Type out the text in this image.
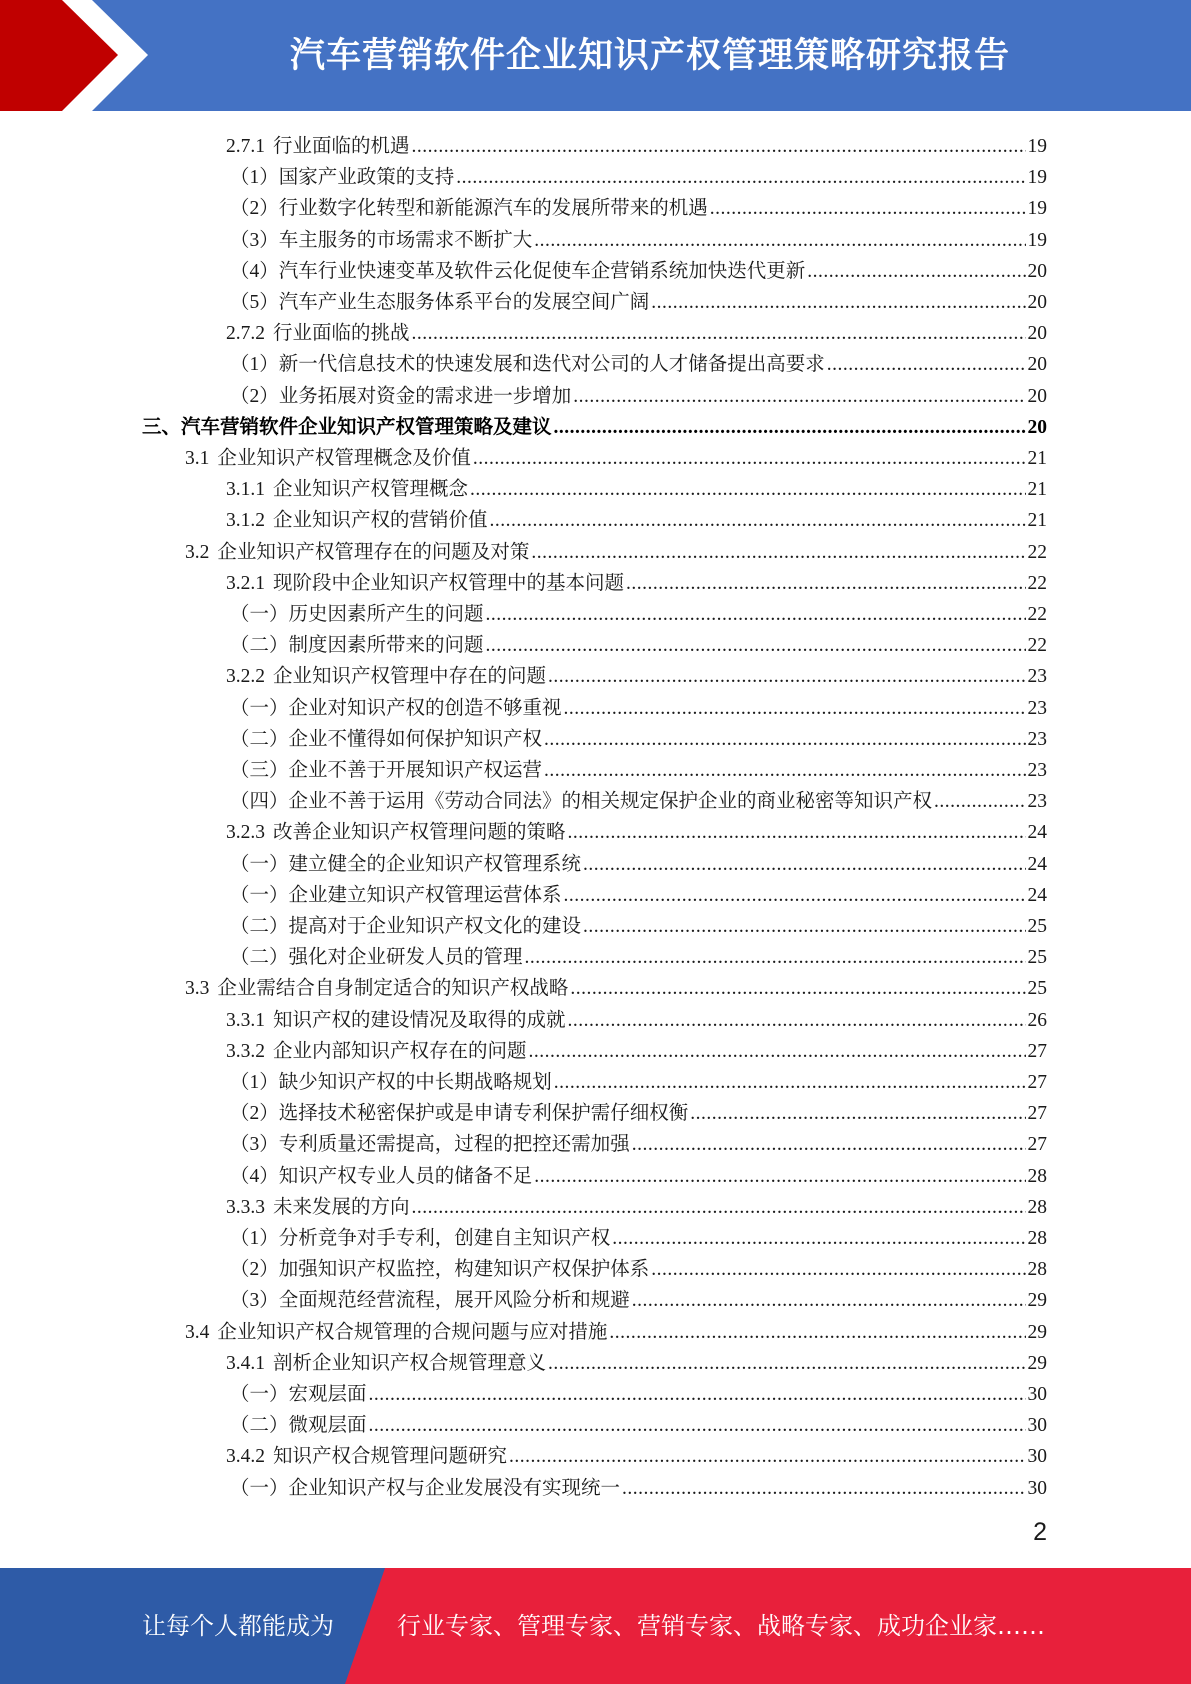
汽车营销软件企业知识产权管理策略研究报告
2.7.1 行业面临的机遇 .....	19
（1） 国家产业政策的支持 .....	19
（2） 行业数字化转型和新能源汽车的发展所带来的机遇 .....	19
（3） 车主服务的市场需求不断扩大 .....	19
（4） 汽车行业快速变革及软件云化促使车企营销系统加快迭代更新 .....	20
（5） 汽车产业生态服务体系平台的发展空间广阔 .....	20
2.7.2 行业面临的挑战 .....	20
（1） 新一代信息技术的快速发展和迭代对公司的人才储备提出高要求 .....	20
（2） 业务拓展对资金的需求进一步增加 .....	20
三、 汽车营销软件企业知识产权管理策略及建议 .....	20
3.1 企业知识产权管理概念及价值 .....	21
3.1.1 企业知识产权管理概念 .....	21
3.1.2 企业知识产权的营销价值 .....	21
3.2 企业知识产权管理存在的问题及对策 .....	22
3.2.1 现阶段中企业知识产权管理中的基本问题 .....	22
（一） 历史因素所产生的问题 .....	22
（二） 制度因素所带来的问题 .....	22
3.2.2 企业知识产权管理中存在的问题 .....	23
（一） 企业对知识产权的创造不够重视 .....	23
（二） 企业不懂得如何保护知识产权 .....	23
（三） 企业不善于开展知识产权运营 .....	23
（四） 企业不善于运用《劳动合同法》的相关规定保护企业的商业秘密等知识产权 .....	23
3.2.3 改善企业知识产权管理问题的策略 .....	24
（一） 建立健全的企业知识产权管理系统 .....	24
（一） 企业建立知识产权管理运营体系 .....	24
（二） 提高对于企业知识产权文化的建设 .....	25
（二） 强化对企业研发人员的管理 .....	25
3.3 企业需结合自身制定适合的知识产权战略 .....	25
3.3.1 知识产权的建设情况及取得的成就 .....	26
3.3.2 企业内部知识产权存在的问题 .....	27
（1） 缺少知识产权的中长期战略规划 .....	27
（2） 选择技术秘密保护或是申请专利保护需仔细权衡 .....	27
（3） 专利质量还需提高，过程的把控还需加强 .....	27
（4） 知识产权专业人员的储备不足 .....	28
3.3.3 未来发展的方向 .....	28
（1） 分析竞争对手专利，创建自主知识产权 .....	28
（2） 加强知识产权监控，构建知识产权保护体系 .....	28
（3） 全面规范经营流程，展开风险分析和规避 .....	29
3.4 企业知识产权合规管理的合规问题与应对措施 .....	29
3.4.1 剖析企业知识产权合规管理意义 .....	29
（一） 宏观层面 .....	30
（二） 微观层面 .....	30
3.4.2 知识产权合规管理问题研究 .....	30
（一） 企业知识产权与企业发展没有实现统一 .....	30
2
让每个人都能成为	行业专家、管理专家、营销专家、战略专家、成功企业家……
